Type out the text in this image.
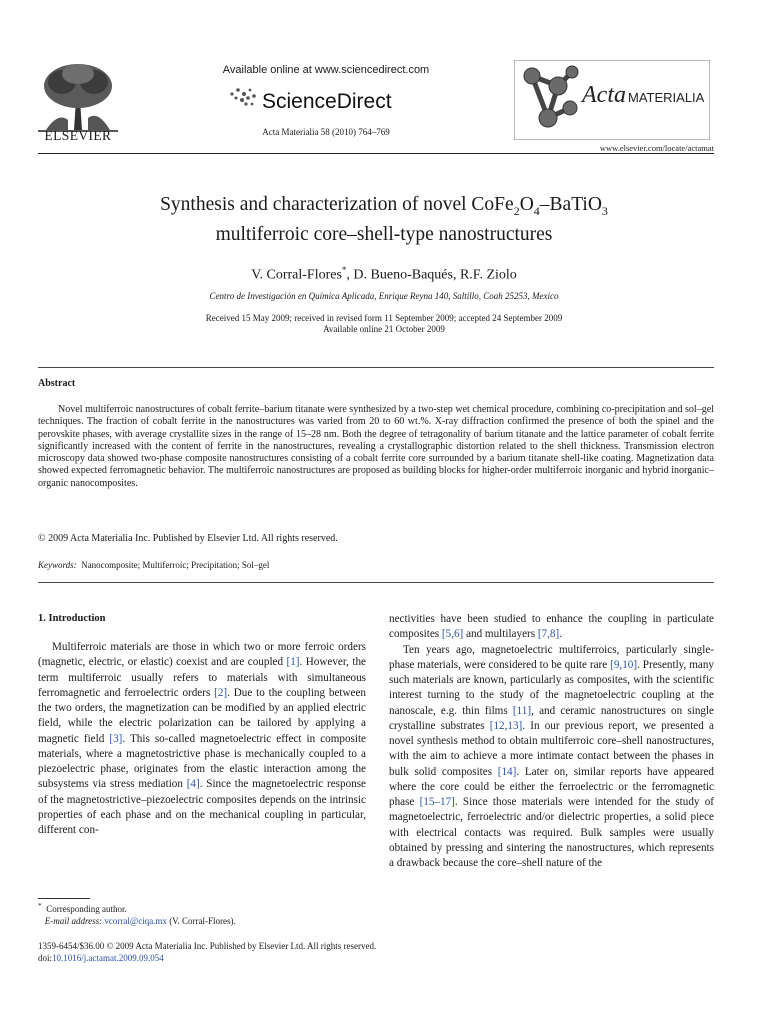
ELSEVIER
Available online at www.sciencedirect.com
ScienceDirect
Acta Materialia 58 (2010) 764–769
Acta MATERIALIA
www.elsevier.com/locate/actamat
Synthesis and characterization of novel $CoFe_2O_4-BaTiO_3$
multiferroic core–shell-type nanostructures
V. Corral-Flores*, D. Bueno-Baqués, R.F. Ziolo
Centro de Investigación en Química Aplicada, Enrique Reyna 140, Saltillo, Coah 25253, Mexico
Received 15 May 2009; received in revised form 11 September 2009; accepted 24 September 2009
Available online 21 October 2009
Abstract

Novel multiferroic nanostructures of cobalt ferrite–barium titanate were synthesized by a two-step wet chemical procedure, combining co-precipitation and sol–gel techniques. The fraction of cobalt ferrite in the nanostructures was varied from 20 to 60 wt.%. X-ray diffraction confirmed the presence of both the spinel and the perovskite phases, with average crystallite sizes in the range of 15–28 nm. Both the degree of tetragonality of barium titanate and the lattice parameter of cobalt ferrite significantly increased with the content of ferrite in the nanostructures, revealing a crystallographic distortion related to the shell thickness. Transmission electron microscopy data showed two-phase composite nanostructures consisting of a cobalt ferrite core surrounded by a barium titanate shell-like coating. Magnetization data showed expected ferromagnetic behavior. The multiferroic nanostructures are proposed as building blocks for higher-order multiferroic inorganic and hybrid inorganic–organic nanocomposites.

© 2009 Acta Materialia Inc. Published by Elsevier Ltd. All rights reserved.
Keywords: Nanocomposite; Multiferroic; Precipitation; Sol–gel
1. Introduction

Multiferroic materials are those in which two or more ferroic orders (magnetic, electric, or elastic) coexist and are coupled [1]. However, the term multiferroic usually refers to materials with simultaneous ferromagnetic and ferroelectric orders [2]. Due to the coupling between the two orders, the magnetization can be modified by an applied electric field, while the electric polarization can be tailored by applying a magnetic field [3]. This so-called magnetoelectric effect in composite materials, where a magnetostrictive phase is mechanically coupled to a piezoelectric phase, originates from the elastic interaction among the subsystems via stress mediation [4]. Since the magnetoelectric response of the magnetostrictive–piezoelectric composites depends on the intrinsic properties of each phase and on the mechanical coupling in particular, different con-

nectivities have been studied to enhance the coupling in particulate composites [5,6] and multilayers [7,8].

Ten years ago, magnetoelectric multiferroics, particularly single-phase materials, were considered to be quite rare [9,10]. Presently, many such materials are known, particularly as composites, with the scientific interest turning to the study of the magnetoelectric coupling at the nanoscale, e.g. thin films [11], and ceramic nanostructures on single crystalline substrates [12,13]. In our previous report, we presented a novel synthesis method to obtain multiferroic core–shell nanostructures, with the aim to achieve a more intimate contact between the phases in bulk solid composites [14]. Later on, similar reports have appeared where the core could be either the ferroelectric or the ferromagnetic phase [15–17]. Since those materials were intended for the study of magnetoelectric, ferroelectric and/or dielectric properties, a solid piece with electrical contacts was required. Bulk samples were usually obtained by pressing and sintering the nanostructures, which represents a drawback because the core–shell nature of the

* Corresponding author.
E-mail address: vcorral@ciqa.mx (V. Corral-Flores).
1359-6454/$36.00 © 2009 Acta Materialia Inc. Published by Elsevier Ltd. All rights reserved.
doi:10.1016/j.actamat.2009.09.054
